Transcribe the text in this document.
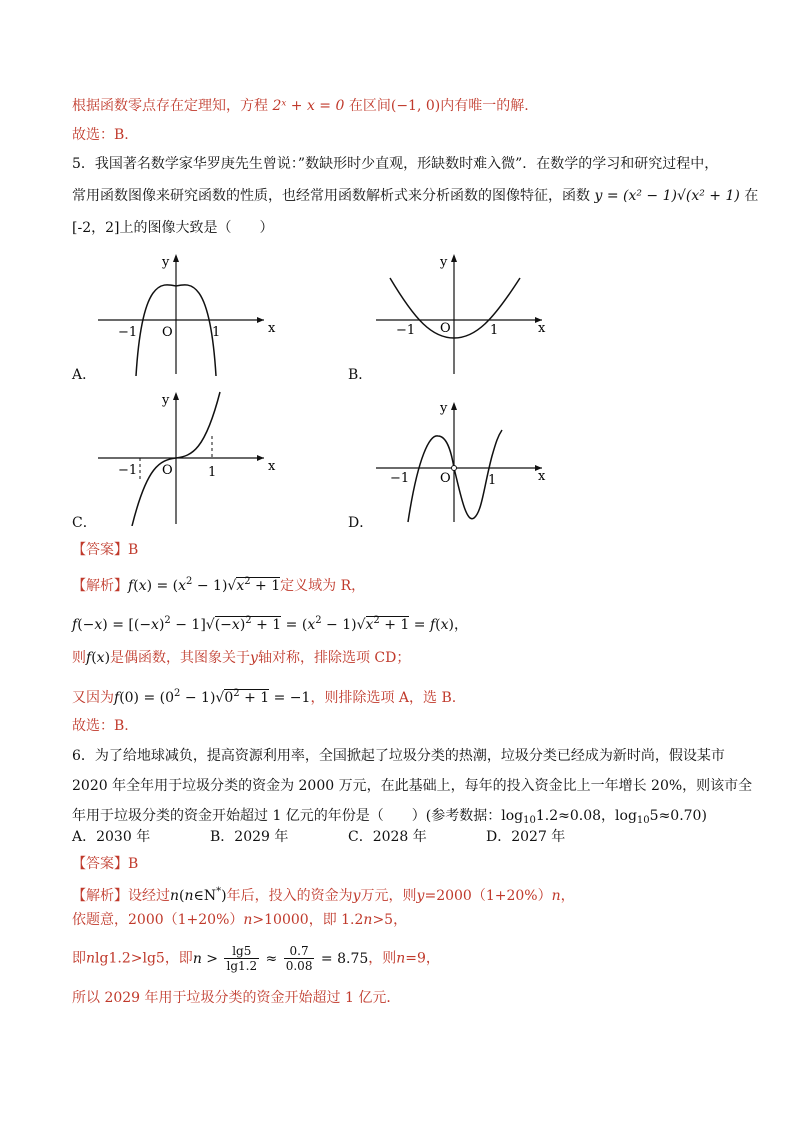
根据函数零点存在定理知，方程 2ˣ + x = 0 在区间(−1, 0)内有唯一的解.
故选：B.
5．我国著名数学家华罗庚先生曾说：”数缺形时少直观，形缺数时难入微”．在数学的学习和研究过程中，
常用函数图像来研究函数的性质，也经常用函数解析式来分析函数的图像特征，函数 y = (x² − 1)√(x² + 1) 在
[-2，2]上的图像大致是（　　）
y
x
O
−1	1
A．
y
x
O
−1	1
B．
y
x
O
−1	1
C．
y
x
O
−1	1
D．
【答案】B
【解析】$f(x) = (x^2 - 1)√x^2 + 1$定义域为 R，
$f(-x) = [(-x)^2 - 1]√(-x)^2 + 1 = (x^2 - 1)√x^2 + 1 = f(x)$，
则f(x)是偶函数，其图象关于y轴对称，排除选项 CD；
又因为$f(0) = (0^2 - 1)√0^2 + 1 = -1$，则排除选项 A，选 B.
故选：B.
6．为了给地球减负，提高资源利用率，全国掀起了垃圾分类的热潮，垃圾分类已经成为新时尚，假设某市
2020 年全年用于垃圾分类的资金为 2000 万元，在此基础上，每年的投入资金比上一年增长 20%，则该市全
年用于垃圾分类的资金开始超过 1 亿元的年份是（　　）(参考数据：$\log_{10}1.2\approx 0.08$，$\log_{10}5\approx 0.70$)
A．2030 年	B．2029 年	C．2028 年	D．2027 年
【答案】B
【解析】设经过n(n∈N*)年后，投入的资金为y万元，则y=2000（1+20%）n，
依题意，2000（1+20%）n>10000，即 1.2n>5，
即nlg1.2>lg5，即$n > \frac{\lg 5}{\lg 1.2} \approx \frac{0.7}{0.08} = 8.75$，则n=9，
所以 2029 年用于垃圾分类的资金开始超过 1 亿元．
